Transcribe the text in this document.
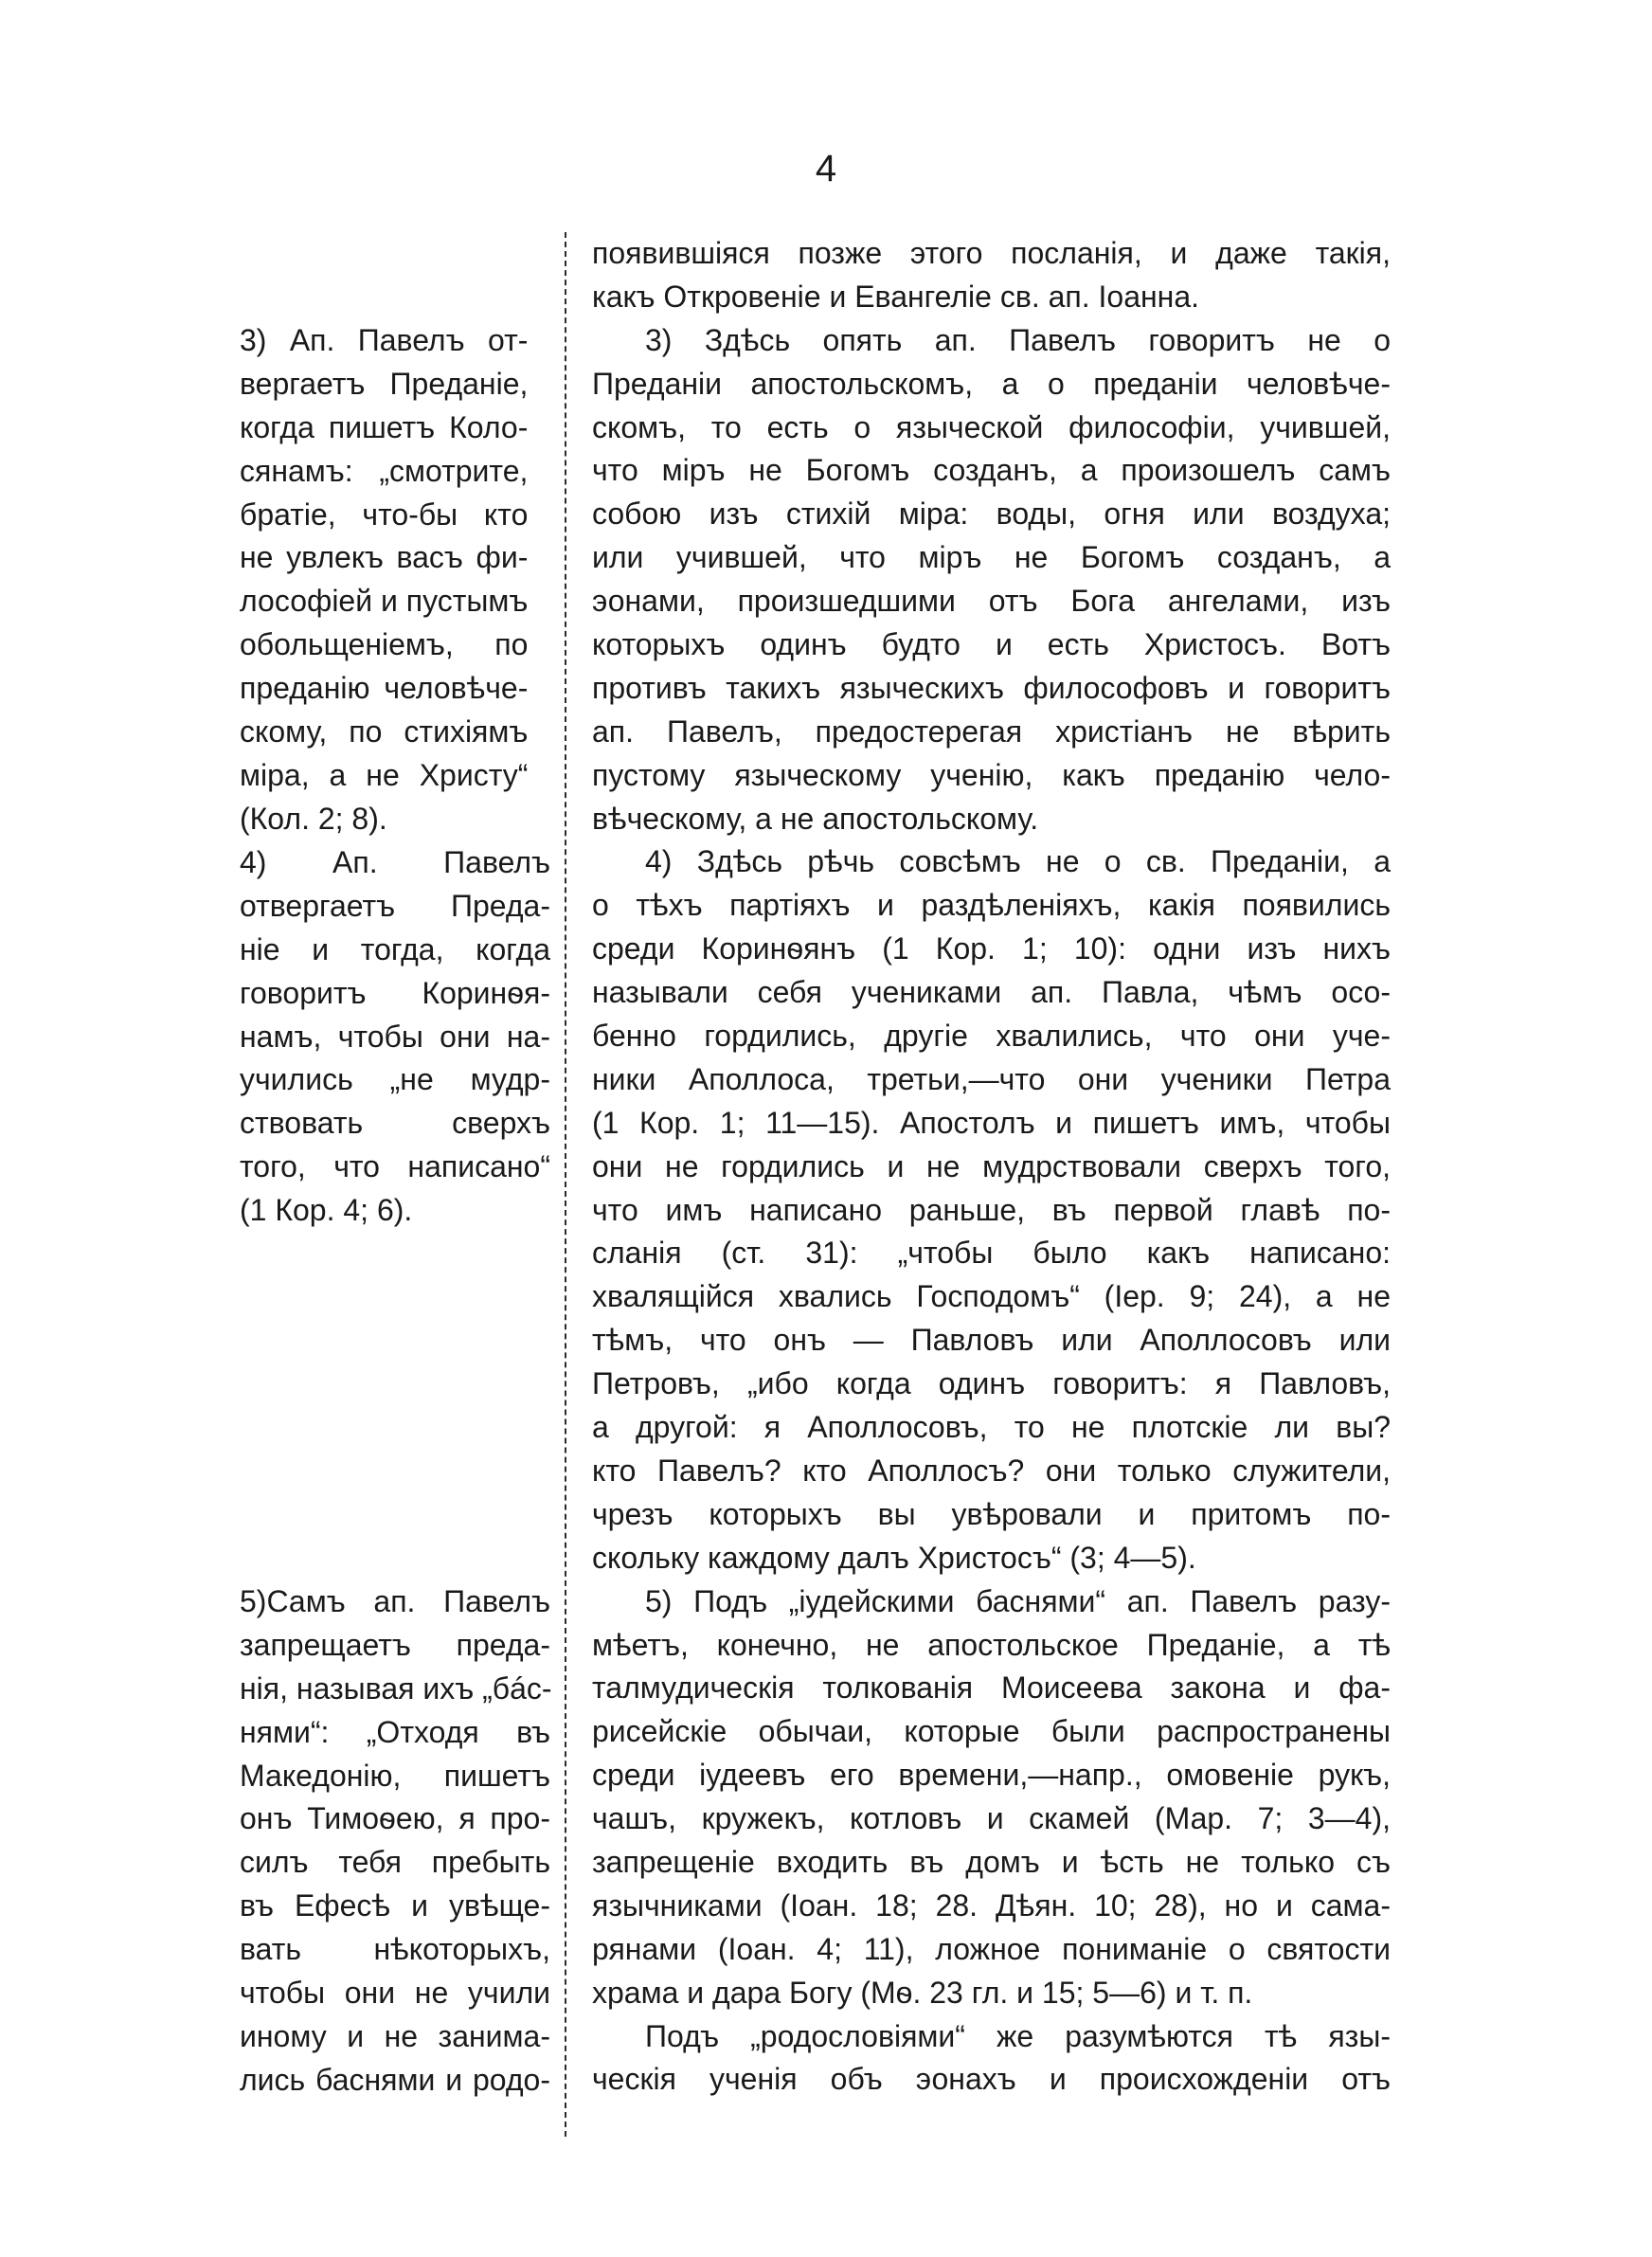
4
3) Ап. Павелъ от-
вергаетъ Преданіе,
когда пишетъ Коло-
сянамъ: „смотрите,
братіе, что-бы кто
не увлекъ васъ фи-
лософіей и пустымъ
обольщеніемъ, по
преданію человѣче-
скому, по стихіямъ
міра, а не Христу“
(Кол. 2; 8).
4) Ап. Павелъ
отвергаетъ Преда-
ніе и тогда, когда
говоритъ Коринѳя-
намъ, чтобы они на-
учились „не мудр-
ствовать сверхъ
того, что написано“
(1 Кор. 4; 6).
5)Самъ ап. Павелъ
запрещаетъ преда-
нія, называя ихъ „бáс-
нями“: „Отходя въ
Македонію, пишетъ
онъ Тимоѳею, я про-
силъ тебя пребыть
въ Ефесѣ и увѣще-
вать нѣкоторыхъ,
чтобы они не учили
иному и не занима-
лись баснями и родо-
появившіяся позже этого посланія, и даже такія,
какъ Откровеніе и Евангеліе св. ап. Іоанна.
3) Здѣсь опять ап. Павелъ говоритъ не о
Преданіи апостольскомъ, а о преданіи человѣче-
скомъ, то есть о языческой философіи, учившей,
что міръ не Богомъ созданъ, а произошелъ самъ
собою изъ стихій міра: воды, огня или воздуха;
или учившей, что міръ не Богомъ созданъ, а
эонами, произшедшими отъ Бога ангелами, изъ
которыхъ одинъ будто и есть Христосъ. Вотъ
противъ такихъ языческихъ философовъ и говоритъ
ап. Павелъ, предостерегая христіанъ не вѣрить
пустому языческому ученію, какъ преданію чело-
вѣческому, а не апостольскому.
4) Здѣсь рѣчь совсѣмъ не о св. Преданіи, а
о тѣхъ партіяхъ и раздѣленіяхъ, какія появились
среди Коринѳянъ (1 Кор. 1; 10): одни изъ нихъ
называли себя учениками ап. Павла, чѣмъ осо-
бенно гордились, другіе хвалились, что они уче-
ники Аполлоса, третьи,—что они ученики Петра
(1 Кор. 1; 11—15). Апостолъ и пишетъ имъ, чтобы
они не гордились и не мудрствовали сверхъ того,
что имъ написано раньше, въ первой главѣ по-
сланія (ст. 31): „чтобы было какъ написано:
хвалящійся хвались Господомъ“ (Іер. 9; 24), а не
тѣмъ, что онъ — Павловъ или Аполлосовъ или
Петровъ, „ибо когда одинъ говоритъ: я Павловъ,
а другой: я Аполлосовъ, то не плотскіе ли вы?
кто Павелъ? кто Аполлосъ? они только служители,
чрезъ которыхъ вы увѣровали и притомъ по-
скольку каждому далъ Христосъ“ (3; 4—5).
5) Подъ „іудейскими баснями“ ап. Павелъ разу-
мѣетъ, конечно, не апостольское Преданіе, а тѣ
талмудическія толкованія Моисеева закона и фа-
рисейскіе обычаи, которые были распространены
среди іудеевъ его времени,—напр., омовеніе рукъ,
чашъ, кружекъ, котловъ и скамей (Мар. 7; 3—4),
запрещеніе входить въ домъ и ѣсть не только съ
язычниками (Іоан. 18; 28. Дѣян. 10; 28), но и сама-
рянами (Іоан. 4; 11), ложное пониманіе о святости
храма и дара Богу (Мѳ. 23 гл. и 15; 5—6) и т. п.
Подъ „родословіями“ же разумѣются тѣ язы-
ческія ученія объ эонахъ и происхожденіи отъ
